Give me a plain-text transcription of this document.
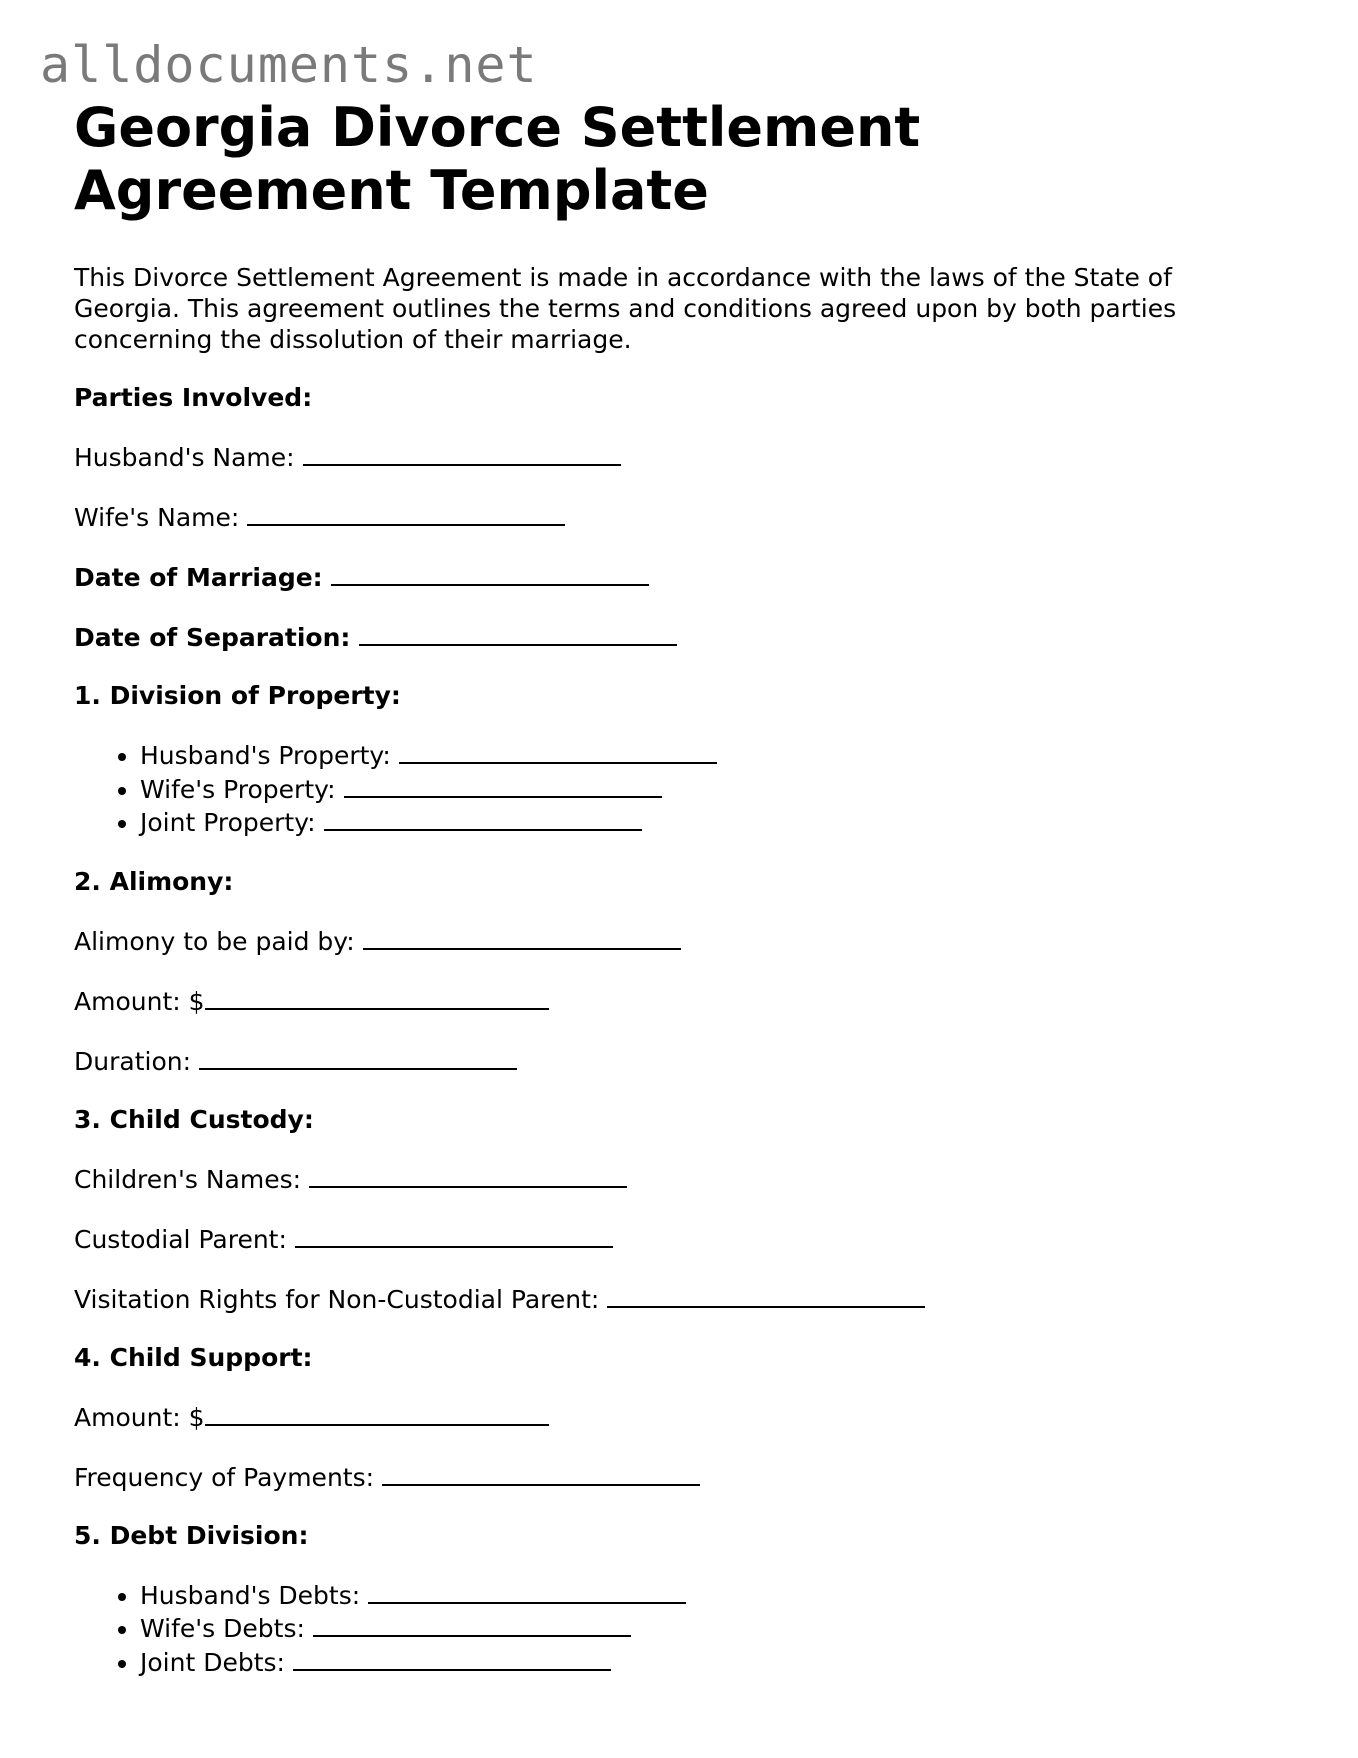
alldocuments.net
Georgia Divorce Settlement Agreement Template

This Divorce Settlement Agreement is made in accordance with the laws of the State of Georgia. This agreement outlines the terms and conditions agreed upon by both parties concerning the dissolution of their marriage.

Parties Involved:
Husband's Name:
Wife's Name:
Date of Marriage:
Date of Separation:
1. Division of Property:
• Husband's Property:
• Wife's Property:
• Joint Property:
2. Alimony:
Alimony to be paid by:
Amount: $
Duration:
3. Child Custody:
Children's Names:
Custodial Parent:
Visitation Rights for Non-Custodial Parent:
4. Child Support:
Amount: $
Frequency of Payments:
5. Debt Division:
• Husband's Debts:
• Wife's Debts:
• Joint Debts:
